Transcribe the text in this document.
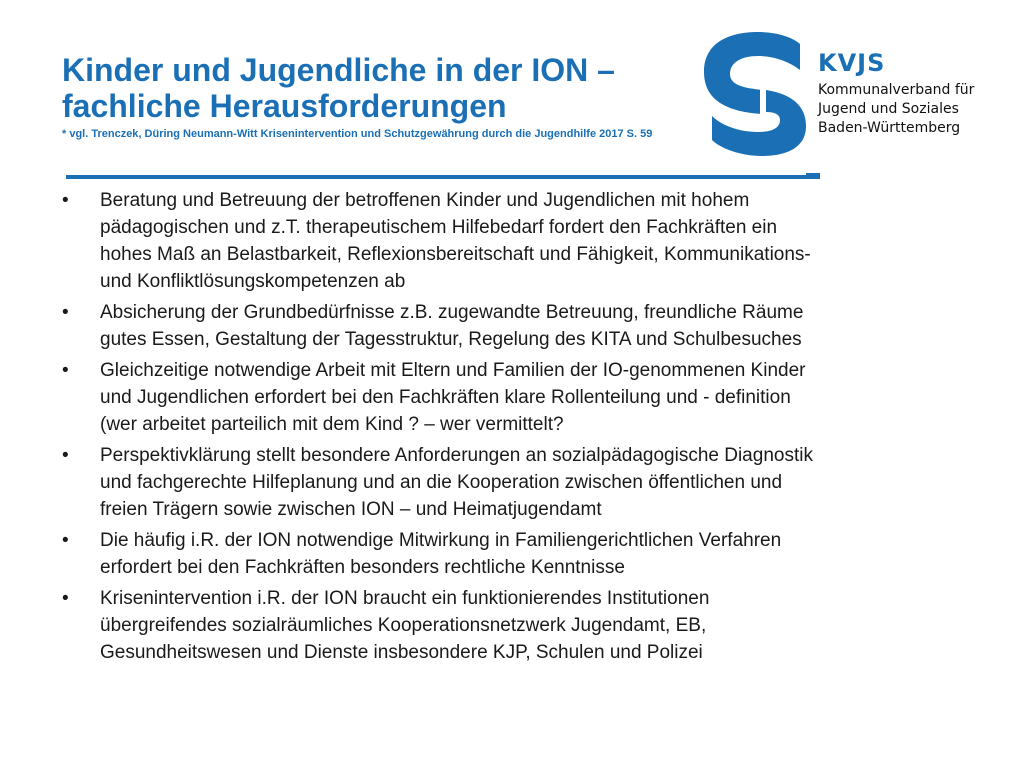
Kinder und Jugendliche in der ION –
fachliche Herausforderungen
* vgl. Trenczek, Düring Neumann-Witt Krisenintervention und Schutzgewährung durch die Jugendhilfe 2017 S. 59
KVJS
Kommunalverband für
Jugend und Soziales
Baden-Württemberg
•	Beratung und Betreuung der betroffenen Kinder und Jugendlichen mit hohem
pädagogischen und z.T. therapeutischem Hilfebedarf fordert den Fachkräften ein
hohes Maß an Belastbarkeit, Reflexionsbereitschaft und Fähigkeit, Kommunikations-
und Konfliktlösungskompetenzen ab
•	Absicherung der Grundbedürfnisse z.B. zugewandte Betreuung, freundliche Räume
gutes Essen, Gestaltung der Tagesstruktur, Regelung des KITA und Schulbesuches
•	Gleichzeitige notwendige Arbeit mit Eltern und Familien der IO-genommenen Kinder
und Jugendlichen erfordert bei den Fachkräften klare Rollenteilung und - definition
(wer arbeitet parteilich mit dem Kind ? – wer vermittelt?
•	Perspektivklärung stellt besondere Anforderungen an sozialpädagogische Diagnostik
und fachgerechte Hilfeplanung und an die Kooperation zwischen öffentlichen und
freien Trägern sowie zwischen ION – und Heimatjugendamt
•	Die häufig i.R. der ION notwendige Mitwirkung in Familiengerichtlichen Verfahren
erfordert bei den Fachkräften besonders rechtliche Kenntnisse
•	Krisenintervention i.R. der ION braucht ein funktionierendes Institutionen
übergreifendes sozialräumliches Kooperationsnetzwerk Jugendamt, EB,
Gesundheitswesen und Dienste insbesondere KJP, Schulen und Polizei
